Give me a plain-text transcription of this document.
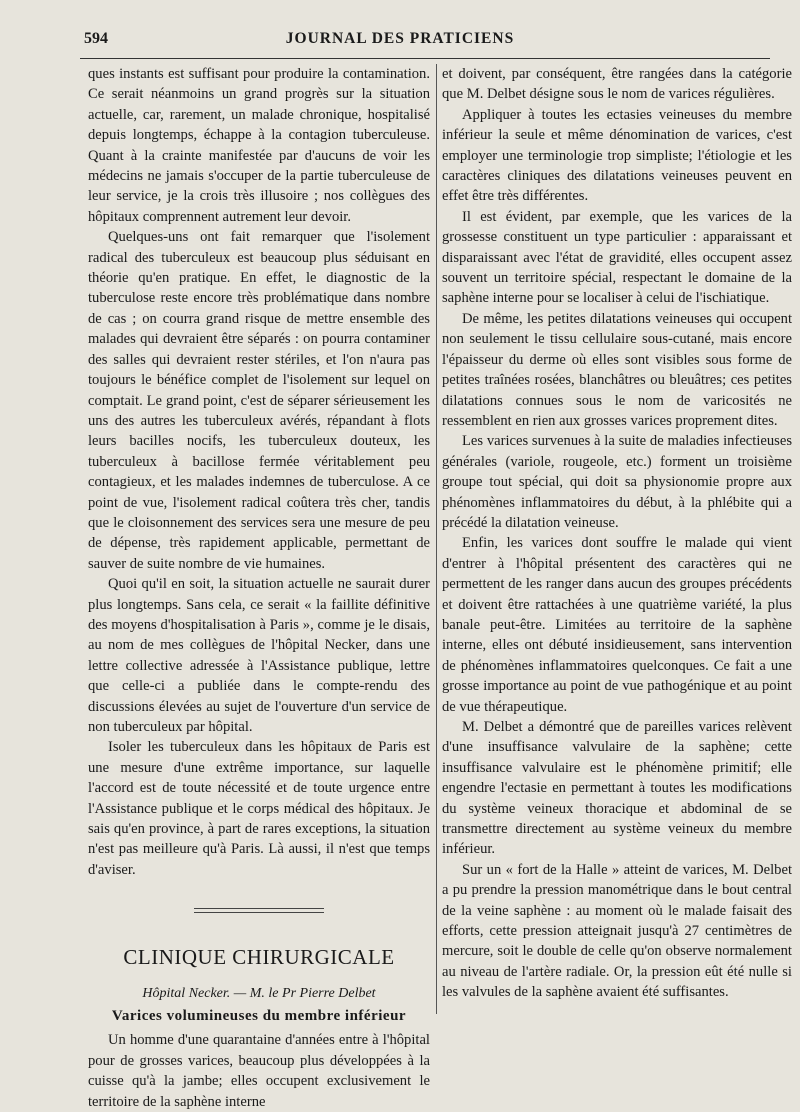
594	JOURNAL DES PRATICIENS

ques instants est suffisant pour produire la contamination. Ce serait néanmoins un grand progrès sur la situation actuelle, car, rarement, un malade chronique, hospitalisé depuis longtemps, échappe à la contagion tuberculeuse. Quant à la crainte manifestée par d'aucuns de voir les médecins ne jamais s'occuper de la partie tuberculeuse de leur service, je la crois très illusoire ; nos collègues des hôpitaux comprennent autrement leur devoir.

Quelques-uns ont fait remarquer que l'isolement radical des tuberculeux est beaucoup plus séduisant en théorie qu'en pratique. En effet, le diagnostic de la tuberculose reste encore très problématique dans nombre de cas ; on courra grand risque de mettre ensemble des malades qui devraient être séparés : on pourra contaminer des salles qui devraient rester stériles, et l'on n'aura pas toujours le bénéfice complet de l'isolement sur lequel on comptait. Le grand point, c'est de séparer sérieusement les uns des autres les tuberculeux avérés, répandant à flots leurs bacilles nocifs, les tuberculeux douteux, les tuberculeux à bacillose fermée véritablement peu contagieux, et les malades indemnes de tuberculose. A ce point de vue, l'isolement radical coûtera très cher, tandis que le cloisonnement des services sera une mesure de peu de dépense, très rapidement applicable, permettant de sauver de suite nombre de vie humaines.

Quoi qu'il en soit, la situation actuelle ne saurait durer plus longtemps. Sans cela, ce serait « la faillite définitive des moyens d'hospitalisation à Paris », comme je le disais, au nom de mes collègues de l'hôpital Necker, dans une lettre collective adressée à l'Assistance publique, lettre que celle-ci a publiée dans le compte-rendu des discussions élevées au sujet de l'ouverture d'un service de non tuberculeux par hôpital.

Isoler les tuberculeux dans les hôpitaux de Paris est une mesure d'une extrême importance, sur laquelle l'accord est de toute nécessité et de toute urgence entre l'Assistance publique et le corps médical des hôpitaux. Je sais qu'en province, à part de rares exceptions, la situation n'est pas meilleure qu'à Paris. Là aussi, il n'est que temps d'aviser.

CLINIQUE CHIRURGICALE

Hôpital Necker. — M. le Pr Pierre Delbet

Varices volumineuses du membre inférieur

Un homme d'une quarantaine d'années entre à l'hôpital pour de grosses varices, beaucoup plus développées à la cuisse qu'à la jambe; elles occupent exclusivement le territoire de la saphène interne

et doivent, par conséquent, être rangées dans la catégorie que M. Delbet désigne sous le nom de varices régulières.

Appliquer à toutes les ectasies veineuses du membre inférieur la seule et même dénomination de varices, c'est employer une terminologie trop simpliste; l'étiologie et les caractères cliniques des dilatations veineuses peuvent en effet être très différentes.

Il est évident, par exemple, que les varices de la grossesse constituent un type particulier : apparaissant et disparaissant avec l'état de gravidité, elles occupent assez souvent un territoire spécial, respectant le domaine de la saphène interne pour se localiser à celui de l'ischiatique.

De même, les petites dilatations veineuses qui occupent non seulement le tissu cellulaire sous-cutané, mais encore l'épaisseur du derme où elles sont visibles sous forme de petites traînées rosées, blanchâtres ou bleuâtres; ces petites dilatations connues sous le nom de varicosités ne ressemblent en rien aux grosses varices proprement dites.

Les varices survenues à la suite de maladies infectieuses générales (variole, rougeole, etc.) forment un troisième groupe tout spécial, qui doit sa physionomie propre aux phénomènes inflammatoires du début, à la phlébite qui a précédé la dilatation veineuse.

Enfin, les varices dont souffre le malade qui vient d'entrer à l'hôpital présentent des caractères qui ne permettent de les ranger dans aucun des groupes précédents et doivent être rattachées à une quatrième variété, la plus banale peut-être. Limitées au territoire de la saphène interne, elles ont débuté insidieusement, sans intervention de phénomènes inflammatoires quelconques. Ce fait a une grosse importance au point de vue pathogénique et au point de vue thérapeutique.

M. Delbet a démontré que de pareilles varices relèvent d'une insuffisance valvulaire de la saphène; cette insuffisance valvulaire est le phénomène primitif; elle engendre l'ectasie en permettant à toutes les modifications du système veineux thoracique et abdominal de se transmettre directement au système veineux du membre inférieur.

Sur un « fort de la Halle » atteint de varices, M. Delbet a pu prendre la pression manométrique dans le bout central de la veine saphène : au moment où le malade faisait des efforts, cette pression atteignait jusqu'à 27 centimètres de mercure, soit le double de celle qu'on observe normalement au niveau de l'artère radiale. Or, la pression eût été nulle si les valvules de la saphène avaient été suffisantes.
